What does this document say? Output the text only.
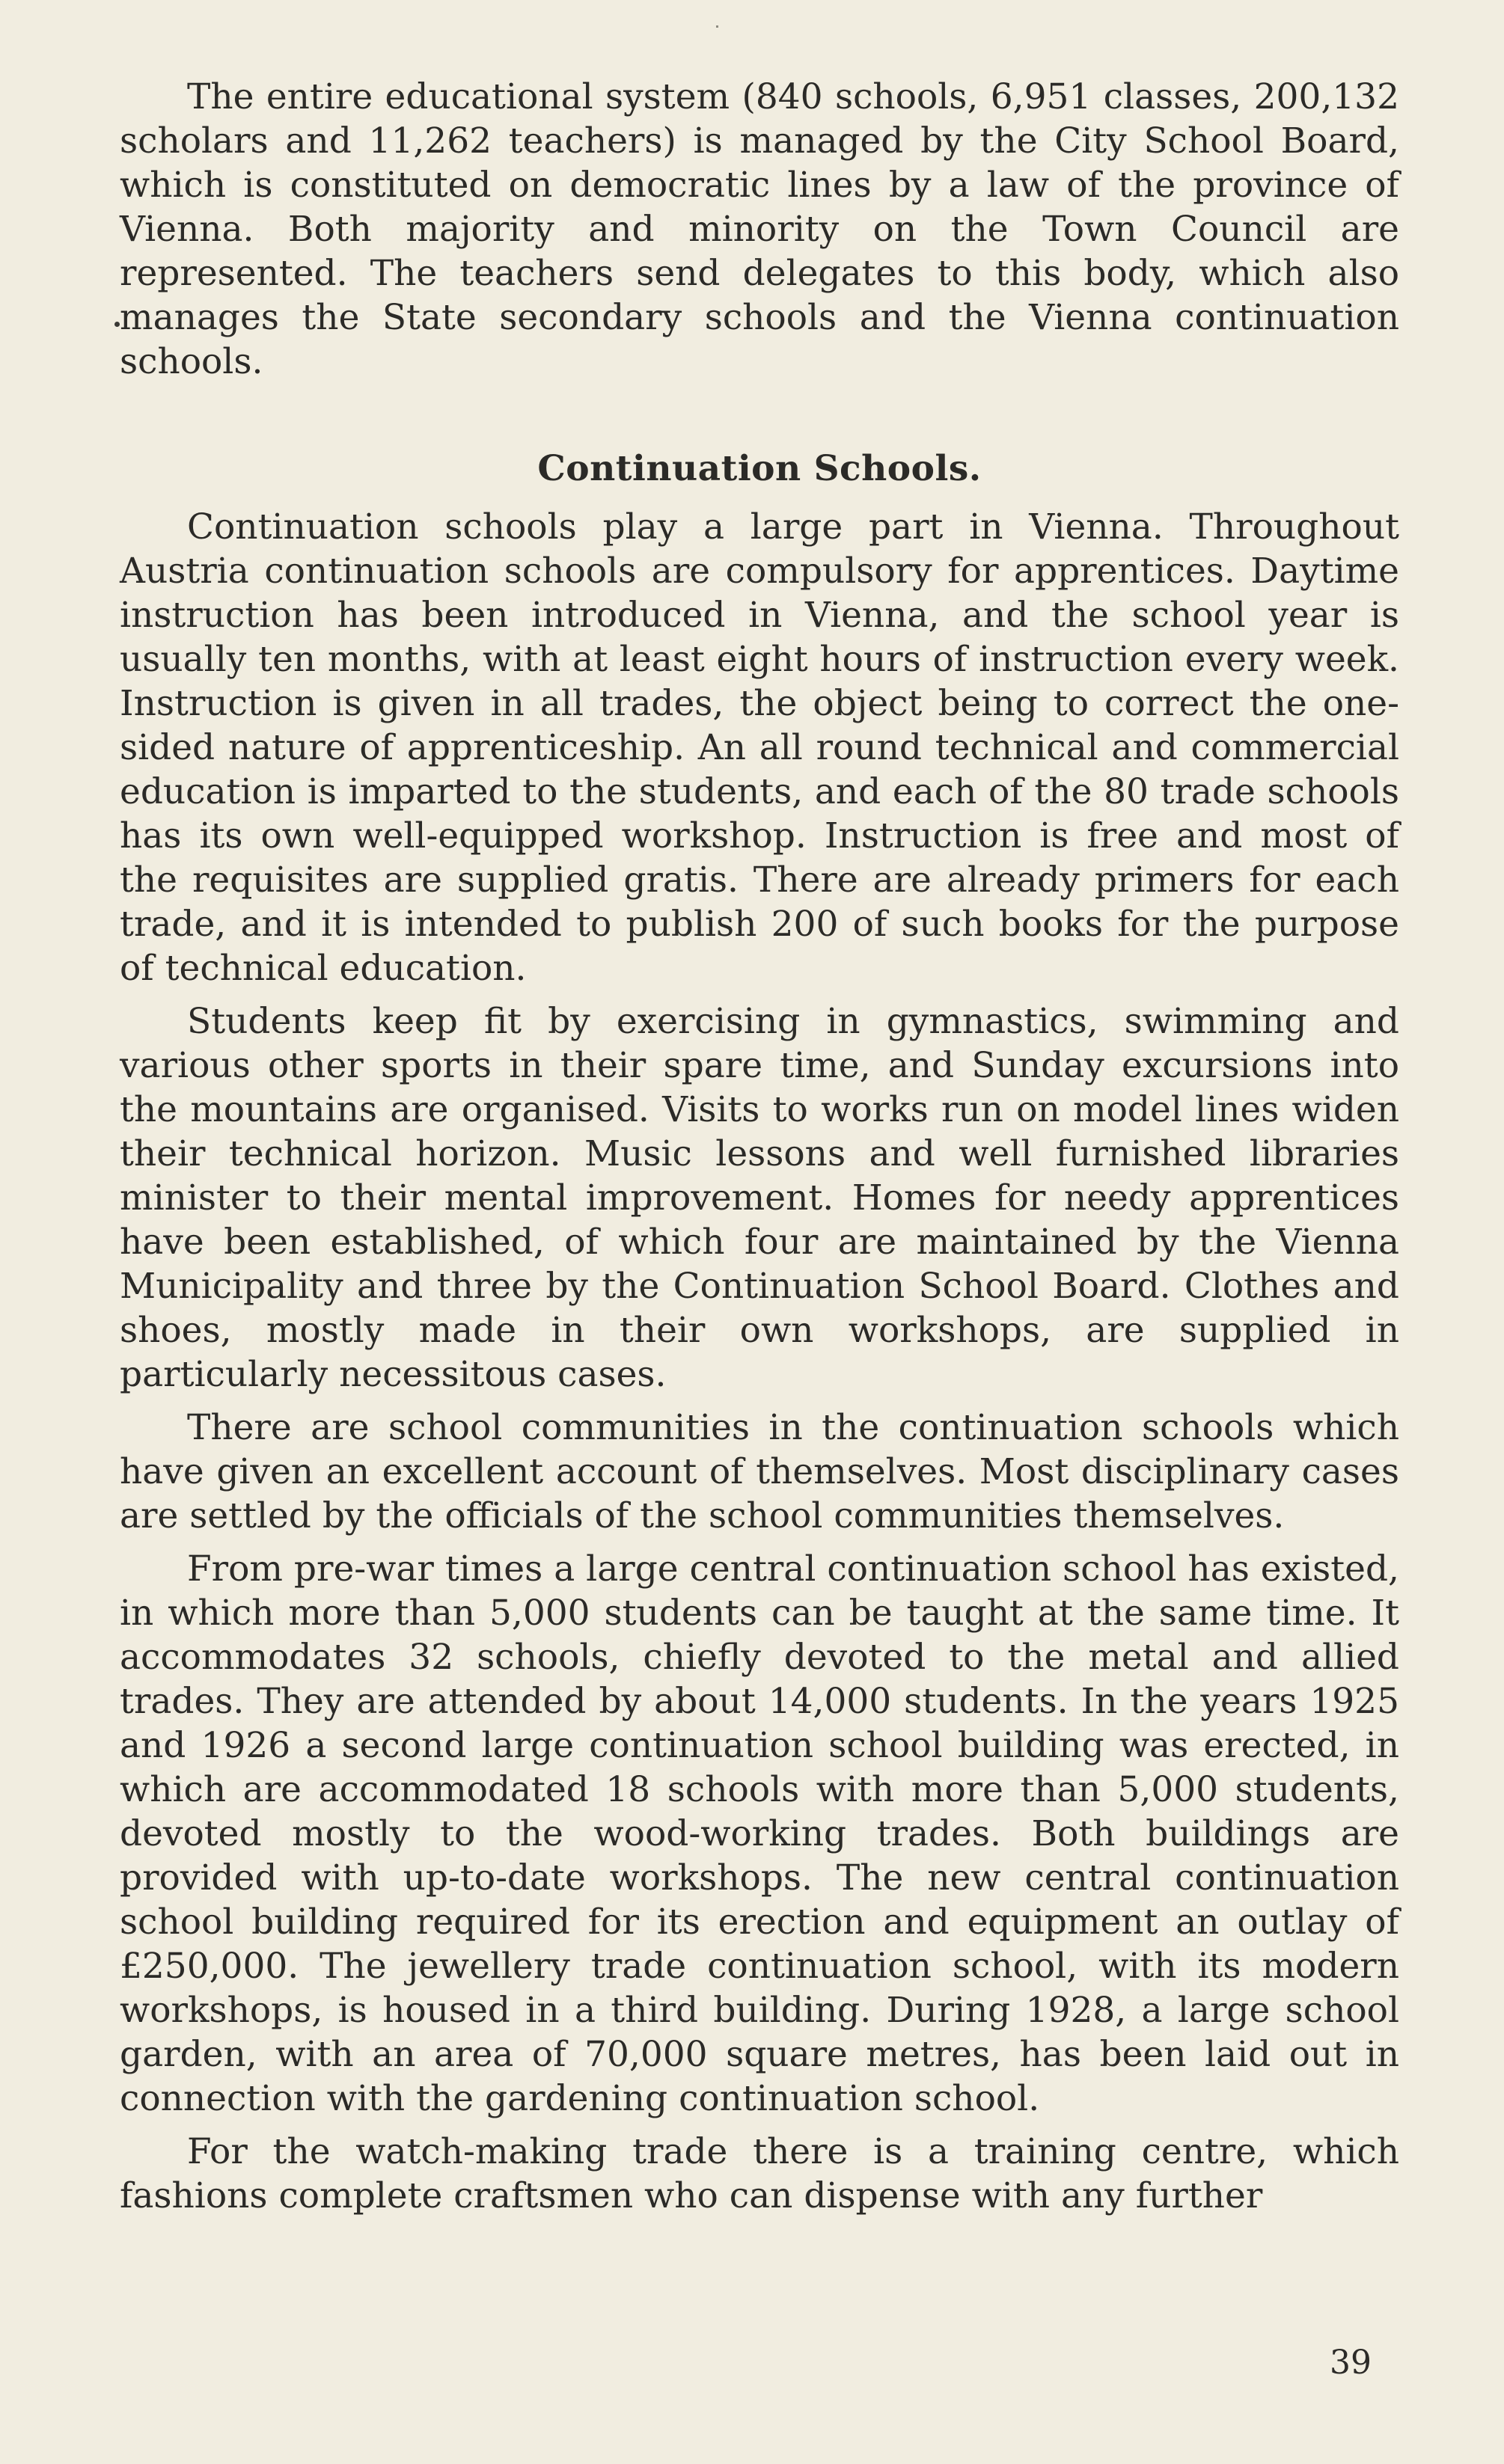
The entire educational system (840 schools, 6,951 classes, 200,132 scholars and 11,262 teachers) is managed by the City School Board, which is constituted on democratic lines by a law of the province of Vienna. Both majority and minority on the Town Council are represented. The teachers send delegates to this body, which also manages the State secondary schools and the Vienna continuation schools.

Continuation Schools.

Continuation schools play a large part in Vienna. Throughout Austria continuation schools are compulsory for apprentices. Daytime instruction has been introduced in Vienna, and the school year is usually ten months, with at least eight hours of instruction every week. Instruction is given in all trades, the object being to correct the one-sided nature of apprenticeship. An all round technical and commercial education is imparted to the students, and each of the 80 trade schools has its own well-equipped workshop. Instruction is free and most of the requisites are supplied gratis. There are already primers for each trade, and it is intended to publish 200 of such books for the purpose of technical education.

Students keep fit by exercising in gymnastics, swimming and various other sports in their spare time, and Sunday excursions into the mountains are organised. Visits to works run on model lines widen their technical horizon. Music lessons and well furnished libraries minister to their mental improvement. Homes for needy apprentices have been established, of which four are maintained by the Vienna Municipality and three by the Continuation School Board. Clothes and shoes, mostly made in their own workshops, are supplied in particularly necessitous cases.

There are school communities in the continuation schools which have given an excellent account of themselves. Most disciplinary cases are settled by the officials of the school communities themselves.

From pre-war times a large central continuation school has existed, in which more than 5,000 students can be taught at the same time. It accommodates 32 schools, chiefly devoted to the metal and allied trades. They are attended by about 14,000 students. In the years 1925 and 1926 a second large continuation school building was erected, in which are accommodated 18 schools with more than 5,000 students, devoted mostly to the wood-working trades. Both buildings are provided with up-to-date workshops. The new central continuation school building required for its erection and equipment an outlay of £250,000. The jewellery trade continuation school, with its modern workshops, is housed in a third building. During 1928, a large school garden, with an area of 70,000 square metres, has been laid out in connection with the gardening continuation school.

For the watch-making trade there is a training centre, which fashions complete craftsmen who can dispense with any further

39
